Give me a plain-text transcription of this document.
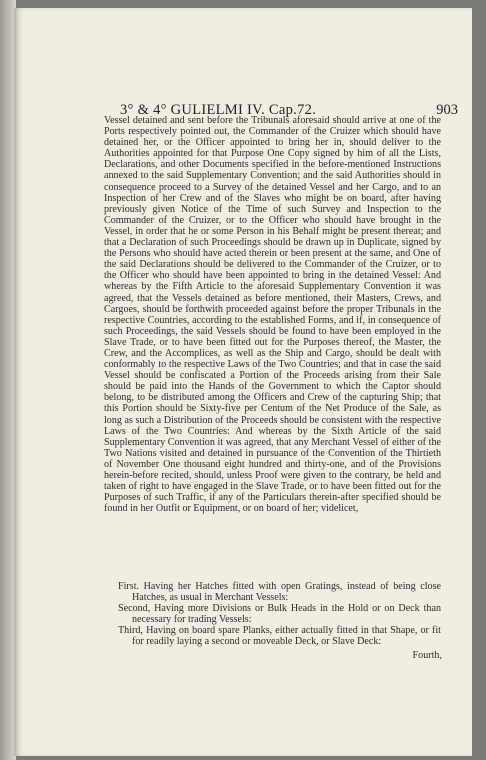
3° & 4° GULIELMI IV. Cap.72.	903
Vessel detained and sent before the Tribunals aforesaid should arrive at one of the Ports respectively pointed out, the Commander of the Cruizer which should have detained her, or the Officer appointed to bring her in, should deliver to the Authorities appointed for that Purpose One Copy signed by him of all the Lists, Declarations, and other Documents specified in the before-mentioned Instructions annexed to the said Supplementary Convention; and the said Authorities should in consequence proceed to a Survey of the detained Vessel and her Cargo, and to an Inspection of her Crew and of the Slaves who might be on board, after having previously given Notice of the Time of such Survey and Inspection to the Commander of the Cruizer, or to the Officer who should have brought in the Vessel, in order that he or some Person in his Behalf might be present thereat; and that a Declaration of such Proceedings should be drawn up in Duplicate, signed by the Persons who should have acted therein or been present at the same, and One of the said Declarations should be delivered to the Commander of the Cruizer, or to the Officer who should have been appointed to bring in the detained Vessel: And whereas by the Fifth Article to the aforesaid Supplementary Convention it was agreed, that the Vessels detained as before mentioned, their Masters, Crews, and Cargoes, should be forthwith proceeded against before the proper Tribunals in the respective Countries, according to the established Forms, and if, in consequence of such Proceedings, the said Vessels should be found to have been employed in the Slave Trade, or to have been fitted out for the Purposes thereof, the Master, the Crew, and the Accomplices, as well as the Ship and Cargo, should be dealt with conformably to the respective Laws of the Two Countries; and that in case the said Vessel should be confiscated a Portion of the Proceeds arising from their Sale should be paid into the Hands of the Government to which the Captor should belong, to be distributed among the Officers and Crew of the capturing Ship; that this Portion should be Sixty-five per Centum of the Net Produce of the Sale, as long as such a Distribution of the Proceeds should be consistent with the respective Laws of the Two Countries: And whereas by the Sixth Article of the said Supplementary Convention it was agreed, that any Merchant Vessel of either of the Two Nations visited and detained in pursuance of the Convention of the Thirtieth of November One thousand eight hundred and thirty-one, and of the Provisions herein-before recited, should, unless Proof were given to the contrary, be held and taken of right to have engaged in the Slave Trade, or to have been fitted out for the Purposes of such Traffic, if any of the Particulars therein-after specified should be found in her Outfit or Equipment, or on board of her; videlicet,

First. Having her Hatches fitted with open Gratings, instead of being close Hatches, as usual in Merchant Vessels:

Second, Having more Divisions or Bulk Heads in the Hold or on Deck than necessary for trading Vessels:

Third, Having on board spare Planks, either actually fitted in that Shape, or fit for readily laying a second or moveable Deck, or Slave Deck:

Fourth,
